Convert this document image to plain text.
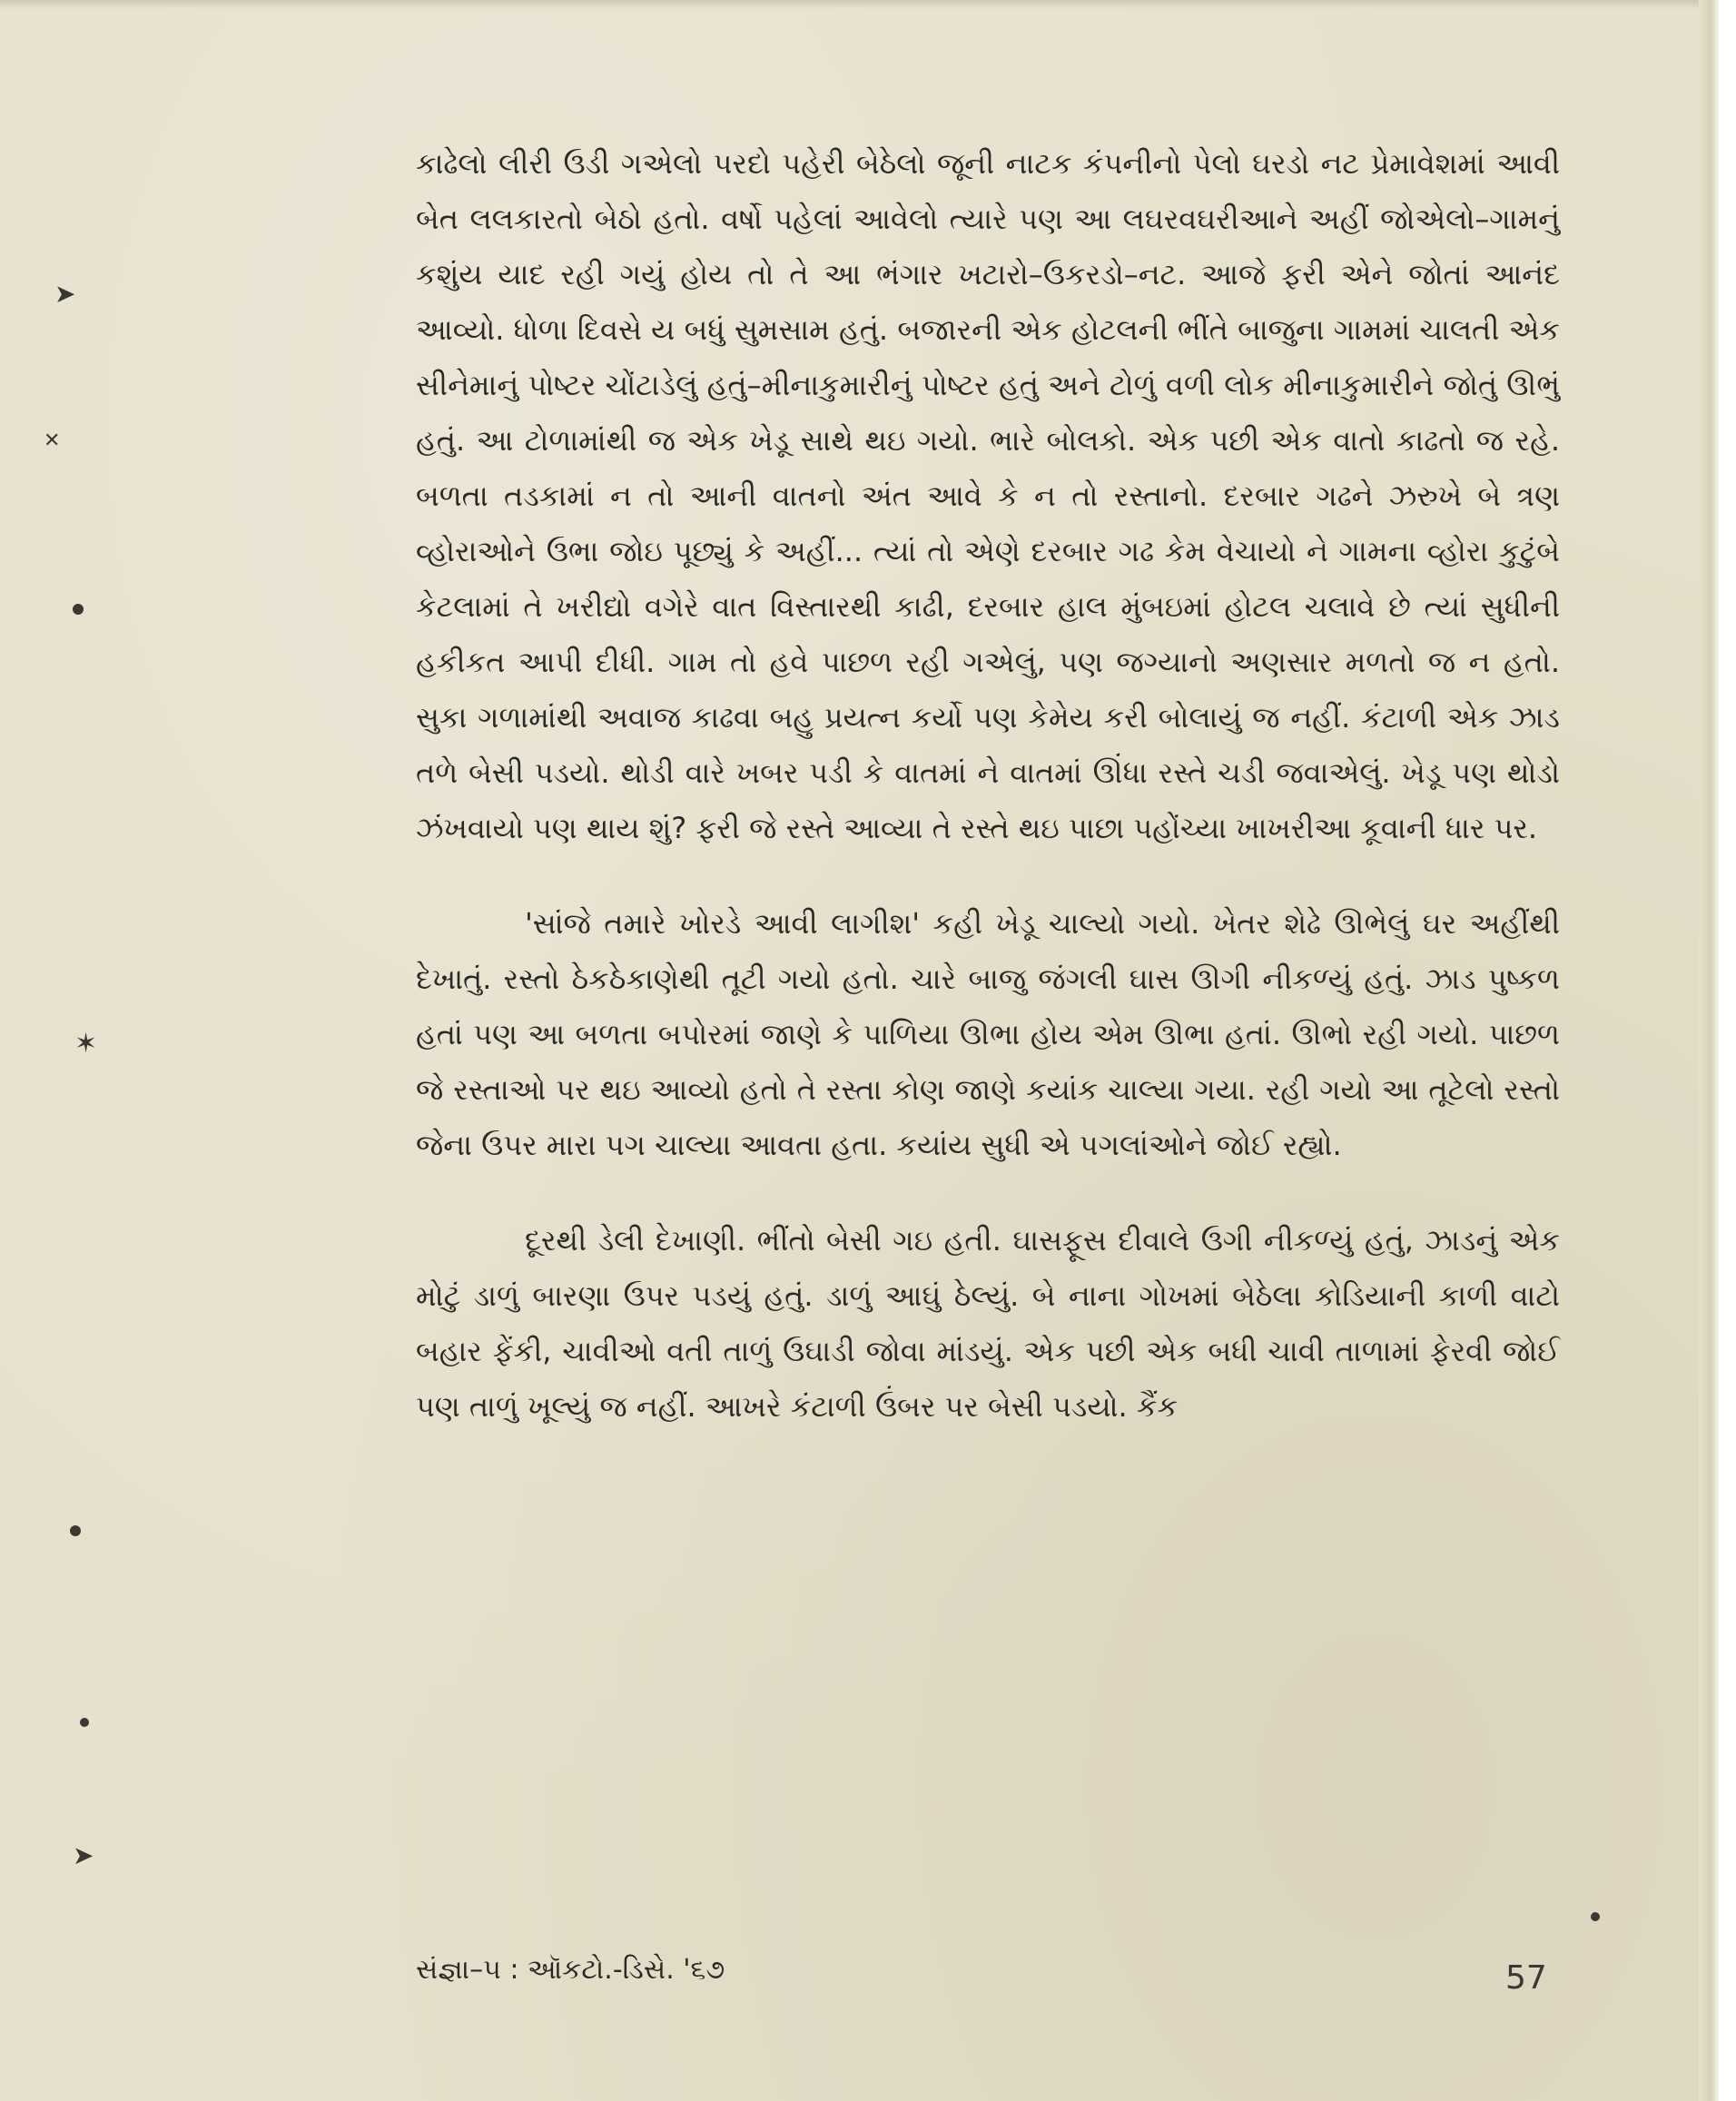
કાઢેલો લીરી ઉડી ગએલો પરદો પહેરી બેઠેલો જૂની નાટક કંપનીનો પેલો ઘરડો નટ પ્રેમાવેશમાં આવી બેત લલકારતો બેઠો હતો. વર્ષો પહેલાં આવેલો ત્યારે પણ આ લઘરવઘરીઆને અહીં જોએલો–ગામનું કશુંય યાદ રહી ગયું હોય તો તે આ ભંગાર ખટારો–ઉકરડો–નટ. આજે ફરી એને જોતાં આનંદ આવ્યો. ધોળા દિવસે ય બધું સુમસામ હતું. બજારની એક હોટલની ભીંતે બાજુના ગામમાં ચાલતી એક સીનેમાનું પોષ્ટર ચોંટાડેલું હતું–મીનાકુમારીનું પોષ્ટર હતું અને ટોળું વળી લોક મીનાકુમારીને જોતું ઊભું હતું. આ ટોળામાંથી જ એક ખેડૂ સાથે થઇ ગયો. ભારે બોલકો. એક પછી એક વાતો કાઢતો જ રહે. બળતા તડકામાં ન તો આની વાતનો અંત આવે કે ન તો રસ્તાનો. દરબાર ગઢને ઝરુખે બે ત્રણ વ્હોરાઓને ઉભા જોઇ પૂછ્યું કે અહીં... ત્યાં તો એણે દરબાર ગઢ કેમ વેચાયો ને ગામના વ્હોરા કુટુંબે કેટલામાં તે ખરીદ્યો વગેરે વાત વિસ્તારથી કાઢી, દરબાર હાલ મુંબઇમાં હોટલ ચલાવે છે ત્યાં સુધીની હકીકત આપી દીધી. ગામ તો હવે પાછળ રહી ગએલું, પણ જગ્યાનો અણસાર મળતો જ ન હતો. સુકા ગળામાંથી અવાજ કાઢવા બહુ પ્રયત્ન કર્યો પણ કેમેય કરી બોલાયું જ નહીં. કંટાળી એક ઝાડ તળે બેસી પડયો. થોડી વારે ખબર પડી કે વાતમાં ને વાતમાં ઊંધા રસ્તે ચડી જવાએલું. ખેડૂ પણ થોડો ઝંખવાયો પણ થાય શું? ફરી જે રસ્તે આવ્યા તે રસ્તે થઇ પાછા પહોંચ્યા ખાખરીઆ કૂવાની ધાર પર.

'સાંજે તમારે ખોરડે આવી લાગીશ' કહી ખેડૂ ચાલ્યો ગયો. ખેતર શેઢે ઊભેલું ઘર અહીંથી દેખાતું. રસ્તો ઠેકઠેકાણેથી તૂટી ગયો હતો. ચારે બાજુ જંગલી ઘાસ ઊગી નીકળ્યું હતું. ઝાડ પુષ્કળ હતાં પણ આ બળતા બપોરમાં જાણે કે પાળિયા ઊભા હોય એમ ઊભા હતાં. ઊભો રહી ગયો. પાછળ જે રસ્તાઓ પર થઇ આવ્યો હતો તે રસ્તા કોણ જાણે કયાંક ચાલ્યા ગયા. રહી ગયો આ તૂટેલો રસ્તો જેના ઉપર મારા પગ ચાલ્યા આવતા હતા. કયાંય સુધી એ પગલાંઓને જોઈ રહ્યો.

દૂરથી ડેલી દેખાણી. ભીંતો બેસી ગઇ હતી. ઘાસફૂસ દીવાલે ઉગી નીકળ્યું હતું, ઝાડનું એક મોટું ડાળું બારણા ઉપર પડયું હતું. ડાળું આઘું ઠેલ્યું. બે નાના ગોખમાં બેઠેલા કોડિયાની કાળી વાટો બહાર ફેંકી, ચાવીઓ વતી તાળું ઉઘાડી જોવા માંડયું. એક પછી એક બધી ચાવી તાળામાં ફેરવી જોઈ પણ તાળું ખૂલ્યું જ નહીં. આખરે કંટાળી ઉંબર પર બેસી પડયો. કૈંક

સંજ્ઞા–૫ : ઑકટો.-ડિસે. '૬૭	57
➤
✕
✶
➤
